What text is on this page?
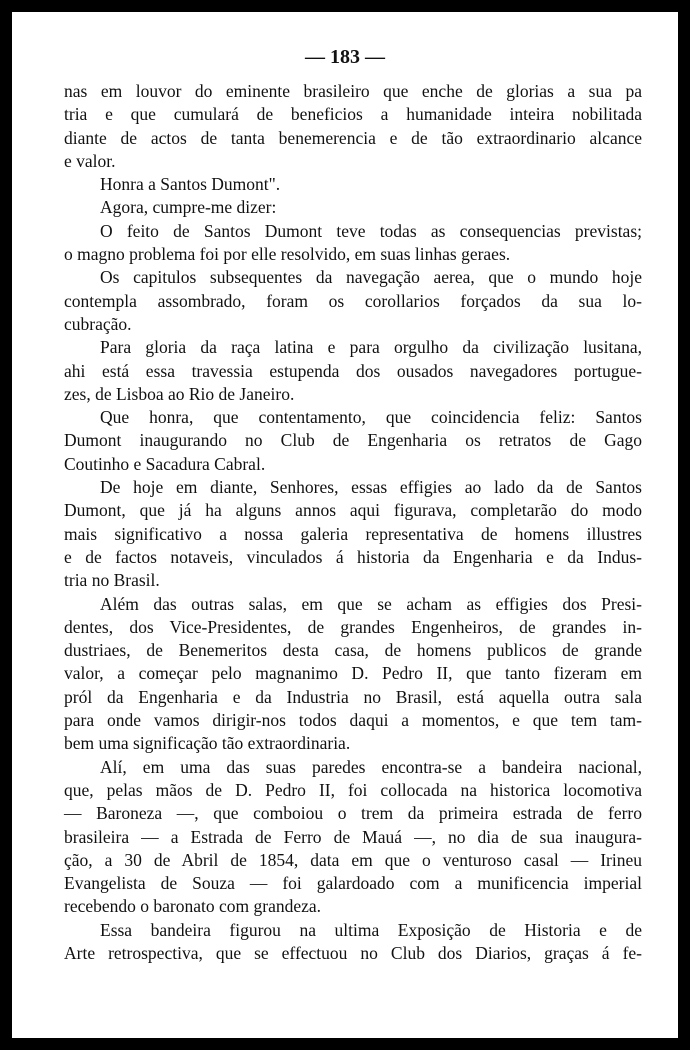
— 183 —
nas em louvor do eminente brasileiro que enche de glorias a sua pa
tria e que cumulará de beneficios a humanidade inteira nobilitada
diante de actos de tanta benemerencia e de tão extraordinario alcance
e valor.
Honra a Santos Dumont".
Agora, cumpre-me dizer:
O feito de Santos Dumont teve todas as consequencias previstas;
o magno problema foi por elle resolvido, em suas linhas geraes.
Os capitulos subsequentes da navegação aerea, que o mundo hoje
contempla assombrado, foram os corollarios forçados da sua lo-
cubração.
Para gloria da raça latina e para orgulho da civilização lusitana,
ahi está essa travessia estupenda dos ousados navegadores portugue-
zes, de Lisboa ao Rio de Janeiro.
Que honra, que contentamento, que coincidencia feliz: Santos
Dumont inaugurando no Club de Engenharia os retratos de Gago
Coutinho e Sacadura Cabral.
De hoje em diante, Senhores, essas effigies ao lado da de Santos
Dumont, que já ha alguns annos aqui figurava, completarão do modo
mais significativo a nossa galeria representativa de homens illustres
e de factos notaveis, vinculados á historia da Engenharia e da Indus-
tria no Brasil.
Além das outras salas, em que se acham as effigies dos Presi-
dentes, dos Vice-Presidentes, de grandes Engenheiros, de grandes in-
dustriaes, de Benemeritos desta casa, de homens publicos de grande
valor, a começar pelo magnanimo D. Pedro II, que tanto fizeram em
pról da Engenharia e da Industria no Brasil, está aquella outra sala
para onde vamos dirigir-nos todos daqui a momentos, e que tem tam-
bem uma significação tão extraordinaria.
Alí, em uma das suas paredes encontra-se a bandeira nacional,
que, pelas mãos de D. Pedro II, foi collocada na historica locomotiva
— Baroneza —, que comboiou o trem da primeira estrada de ferro
brasileira — a Estrada de Ferro de Mauá —, no dia de sua inaugura-
ção, a 30 de Abril de 1854, data em que o venturoso casal — Irineu
Evangelista de Souza — foi galardoado com a munificencia imperial
recebendo o baronato com grandeza.
Essa bandeira figurou na ultima Exposição de Historia e de
Arte retrospectiva, que se effectuou no Club dos Diarios, graças á fe-
